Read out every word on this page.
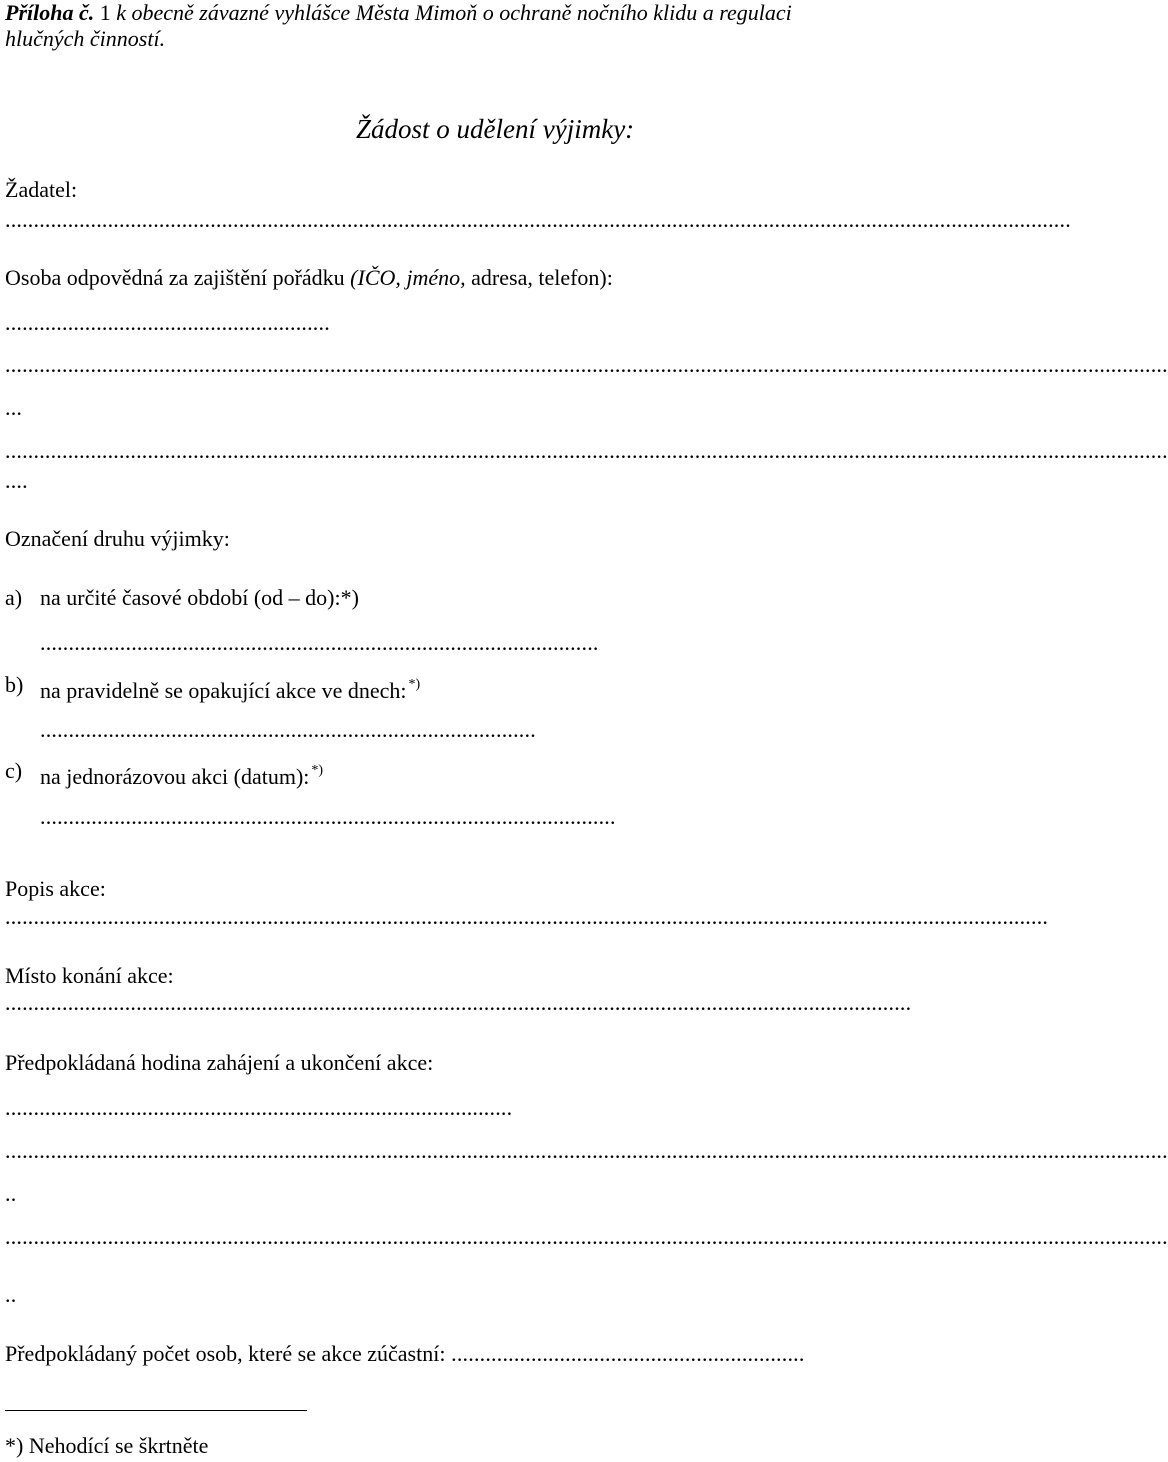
Příloha č. 1 k obecně závazné vyhlášce Města Mimoň o ochraně nočního klidu a regulaci
hlučných činností.
Žádost o udělení výjimky:
Žadatel:
...........................................................................................................................................................................................
Osoba odpovědná za zajištění pořádku (IČO, jméno, adresa, telefon):
.........................................................
............................................................................................................................................................................................................
...
............................................................................................................................................................................................................
....
Označení druhu výjimky:
a) na určité časové období (od – do):*)
..................................................................................................
b) na pravidelně se opakující akce ve dnech: *)
.......................................................................................
c) na jednorázovou akci (datum): *)
.....................................................................................................
Popis akce:
.......................................................................................................................................................................................
Místo konání akce:
...............................................................................................................................................................
Předpokládaná hodina zahájení a ukončení akce:
.........................................................................................
............................................................................................................................................................................................................
..
............................................................................................................................................................................................................
..
Předpokládaný počet osob, které se akce zúčastní: ..............................................................
*) Nehodící se škrtněte
